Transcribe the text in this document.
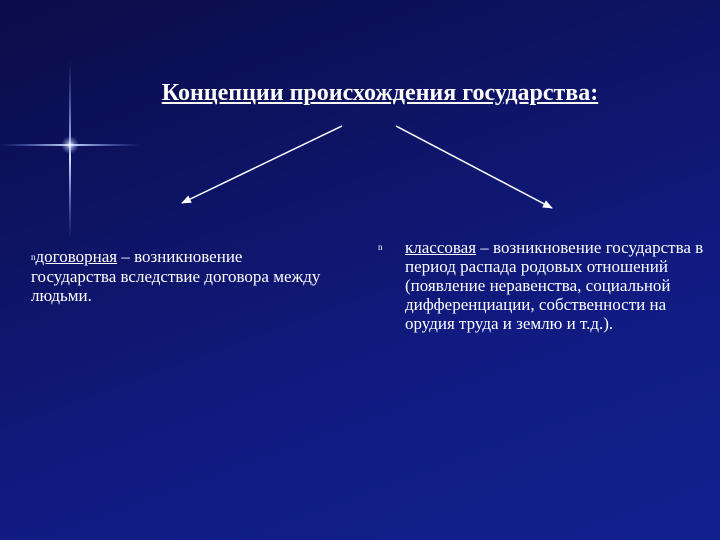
Концепции происхождения государства:
nдоговорная – возникновение государства вследствие договора между людьми.
n классовая – возникновение государства в период распада родовых отношений (появление неравенства, социальной дифференциации, собственности на орудия труда и землю и т.д.).
